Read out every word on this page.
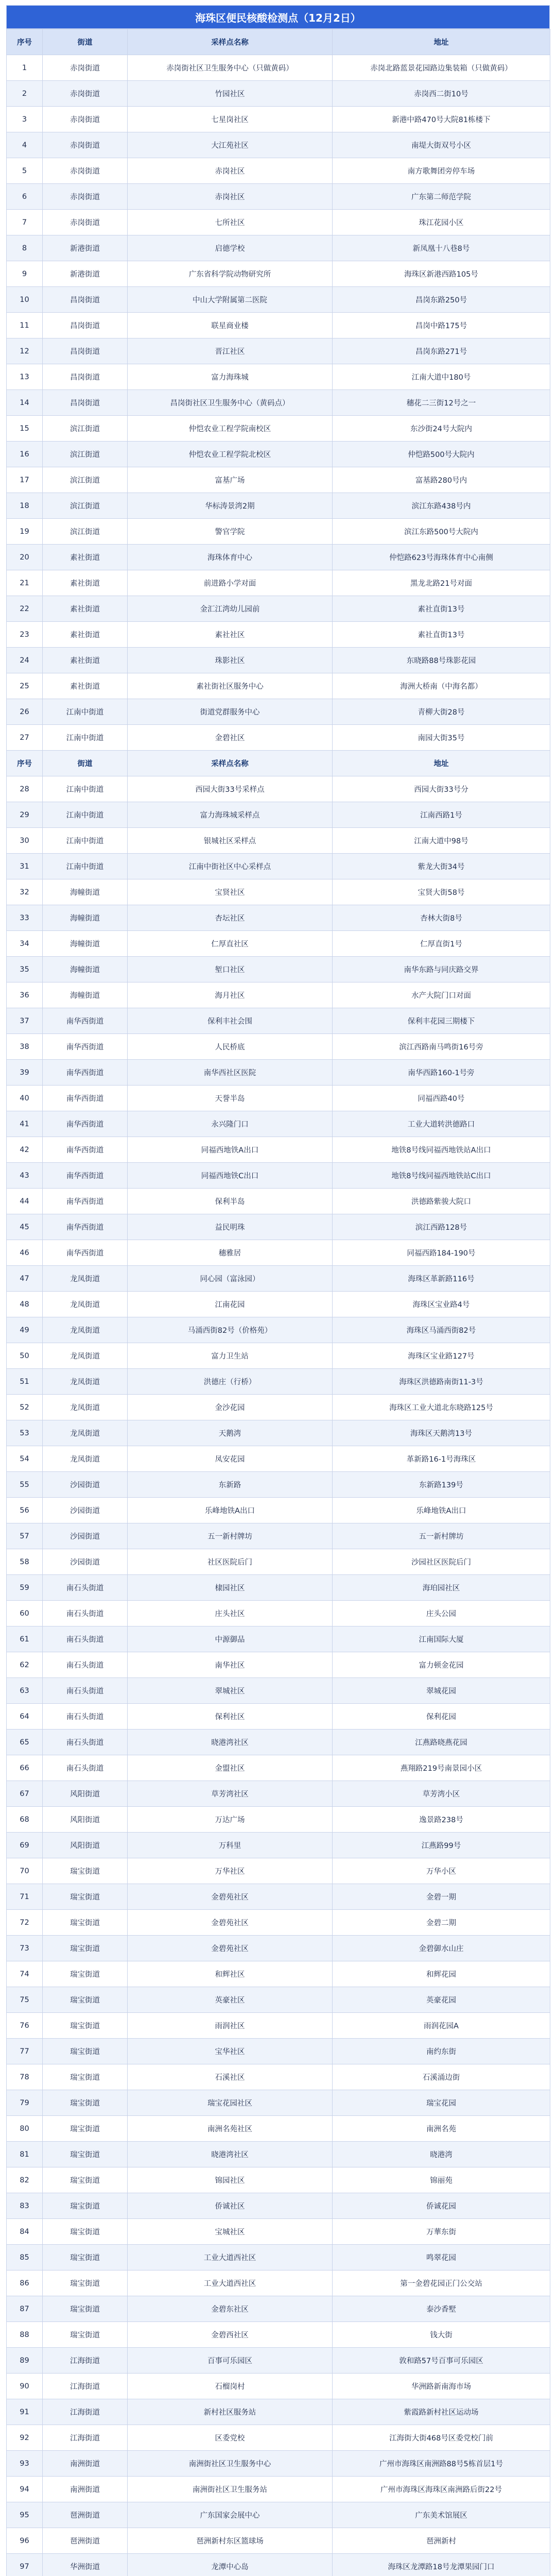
海珠区便民核酸检测点（12月2日）
序号	街道	采样点名称	地址
1	赤岗街道	赤岗街社区卫生服务中心（只做黄码）	赤岗北路蓝景花园路边集装箱（只做黄码）
2	赤岗街道	竹园社区	赤岗西二街10号
3	赤岗街道	七星岗社区	新港中路470号大院81栋楼下
4	赤岗街道	大江苑社区	南堤大街双号小区
5	赤岗街道	赤岗社区	南方歌舞团旁停车场
6	赤岗街道	赤岗社区	广东第二师范学院
7	赤岗街道	七所社区	珠江花园小区
8	新港街道	启德学校	新凤凰十八巷8号
9	新港街道	广东省科学院动物研究所	海珠区新港西路105号
10	昌岗街道	中山大学附属第二医院	昌岗东路250号
11	昌岗街道	联星商业楼	昌岗中路175号
12	昌岗街道	晋江社区	昌岗东路271号
13	昌岗街道	富力海珠城	江南大道中180号
14	昌岗街道	昌岗街社区卫生服务中心（黄码点）	穗花二三街12号之一
15	滨江街道	仲恺农业工程学院南校区	东沙街24号大院内
16	滨江街道	仲恺农业工程学院北校区	仲恺路500号大院内
17	滨江街道	富基广场	富基路280号内
18	滨江街道	华标涛景湾2期	滨江东路438号内
19	滨江街道	警官学院	滨江东路500号大院内
20	素社街道	海珠体育中心	仲恺路623号海珠体育中心南侧
21	素社街道	前进路小学对面	黑龙北路21号对面
22	素社街道	金汇江湾幼儿园前	素社直街13号
23	素社街道	素社社区	素社直街13号
24	素社街道	珠影社区	东晓路88号珠影花园
25	素社街道	素社街社区服务中心	海洲大桥南（中海名都）
26	江南中街道	街道党群服务中心	青柳大街28号
27	江南中街道	金碧社区	南园大街35号
序号	街道	采样点名称	地址
28	江南中街道	西园大街33号采样点	西园大街33号分
29	江南中街道	富力海珠城采样点	江南西路1号
30	江南中街道	银城社区采样点	江南大道中98号
31	江南中街道	江南中街社区中心采样点	紫龙大街34号
32	海幢街道	宝贤社区	宝贤大街58号
33	海幢街道	杏坛社区	杏林大街8号
34	海幢街道	仁厚直社区	仁厚直街1号
35	海幢街道	堑口社区	南华东路与同庆路交界
36	海幢街道	海月社区	水产大院门口对面
37	南华西街道	保利丰社会围	保利丰花园三期楼下
38	南华西街道	人民桥底	滨江西路南马鸣街16号旁
39	南华西街道	南华西社区医院	南华西路160-1号旁
40	南华西街道	天誉半岛	同福西路40号
41	南华西街道	永兴隆门口	工业大道转洪德路口
42	南华西街道	同福西地铁A出口	地铁8号线同福西地铁站A出口
43	南华西街道	同福西地铁C出口	地铁8号线同福西地铁站C出口
44	南华西街道	保利半岛	洪德路紫骏大院口
45	南华西街道	益民明珠	滨江西路128号
46	南华西街道	穗雅居	同福西路184-190号
47	龙凤街道	同心园（富泳园）	海珠区革新路116号
48	龙凤街道	江南花园	海珠区宝业路4号
49	龙凤街道	马涌西街82号（价格苑）	海珠区马涌西街82号
50	龙凤街道	富力卫生站	海珠区宝业路127号
51	龙凤街道	洪德庄（行桥）	海珠区洪德路南街11-3号
52	龙凤街道	金沙花园	海珠区工业大道北东晓路125号
53	龙凤街道	天鹅湾	海珠区天鹅湾13号
54	龙凤街道	凤安花园	革新路16-1号海珠区
55	沙园街道	东新路	东新路139号
56	沙园街道	乐峰地铁A出口	乐峰地铁A出口
57	沙园街道	五一新村牌坊	五一新村牌坊
58	沙园街道	社区医院后门	沙园社区医院后门
59	南石头街道	棣园社区	海珀园社区
60	南石头街道	庄头社区	庄头公园
61	南石头街道	中源御品	江南国际大厦
62	南石头街道	南华社区	富力顿金花园
63	南石头街道	翠城社区	翠城花园
64	南石头街道	保利社区	保利花园
65	南石头街道	晓港湾社区	江燕路晓燕花园
66	南石头街道	金盟社区	燕翔路219号南景园小区
67	风阳街道	草芳湾社区	草芳湾小区
68	风阳街道	万达广场	逸景路238号
69	风阳街道	万科里	江燕路99号
70	瑞宝街道	万华社区	万华小区
71	瑞宝街道	金碧苑社区	金碧一期
72	瑞宝街道	金碧苑社区	金碧二期
73	瑞宝街道	金碧苑社区	金碧御水山庄
74	瑞宝街道	和辉社区	和辉花园
75	瑞宝街道	英豪社区	英豪花园
76	瑞宝街道	雨润社区	雨润花园A
77	瑞宝街道	宝华社区	南约东街
78	瑞宝街道	石溪社区	石溪涌边街
79	瑞宝街道	瑞宝花园社区	瑞宝花园
80	瑞宝街道	南洲名苑社区	南洲名苑
81	瑞宝街道	晓港湾社区	晓港湾
82	瑞宝街道	锦园社区	锦丽苑
83	瑞宝街道	侨诚社区	侨诚花园
84	瑞宝街道	宝城社区	万華东街
85	瑞宝街道	工业大道西社区	鸣翠花园
86	瑞宝街道	工业大道西社区	第一金碧花园正门公交站
87	瑞宝街道	金碧东社区	泰沙香墅
88	瑞宝街道	金碧西社区	钱大街
89	江海街道	百事可乐园区	敦和路57号百事可乐园区
90	江海街道	石榴岗村	华洲路新南海市场
91	江海街道	新村社区服务站	紫霞路新村社区运动场
92	江海街道	区委党校	江海街大街468号区委党校门前
93	南洲街道	南洲街社区卫生服务中心	广州市海珠区南洲路88号5栋首层1号
94	南洲街道	南洲街社区卫生服务站	广州市海珠区海珠区南洲路后街22号
95	琶洲街道	广东国家会展中心	广东美术馆展区
96	琶洲街道	琶洲新村东区篮球场	琶洲新村
97	华洲街道	龙潭中心岛	海珠区龙潭路18号龙潭果园门口
